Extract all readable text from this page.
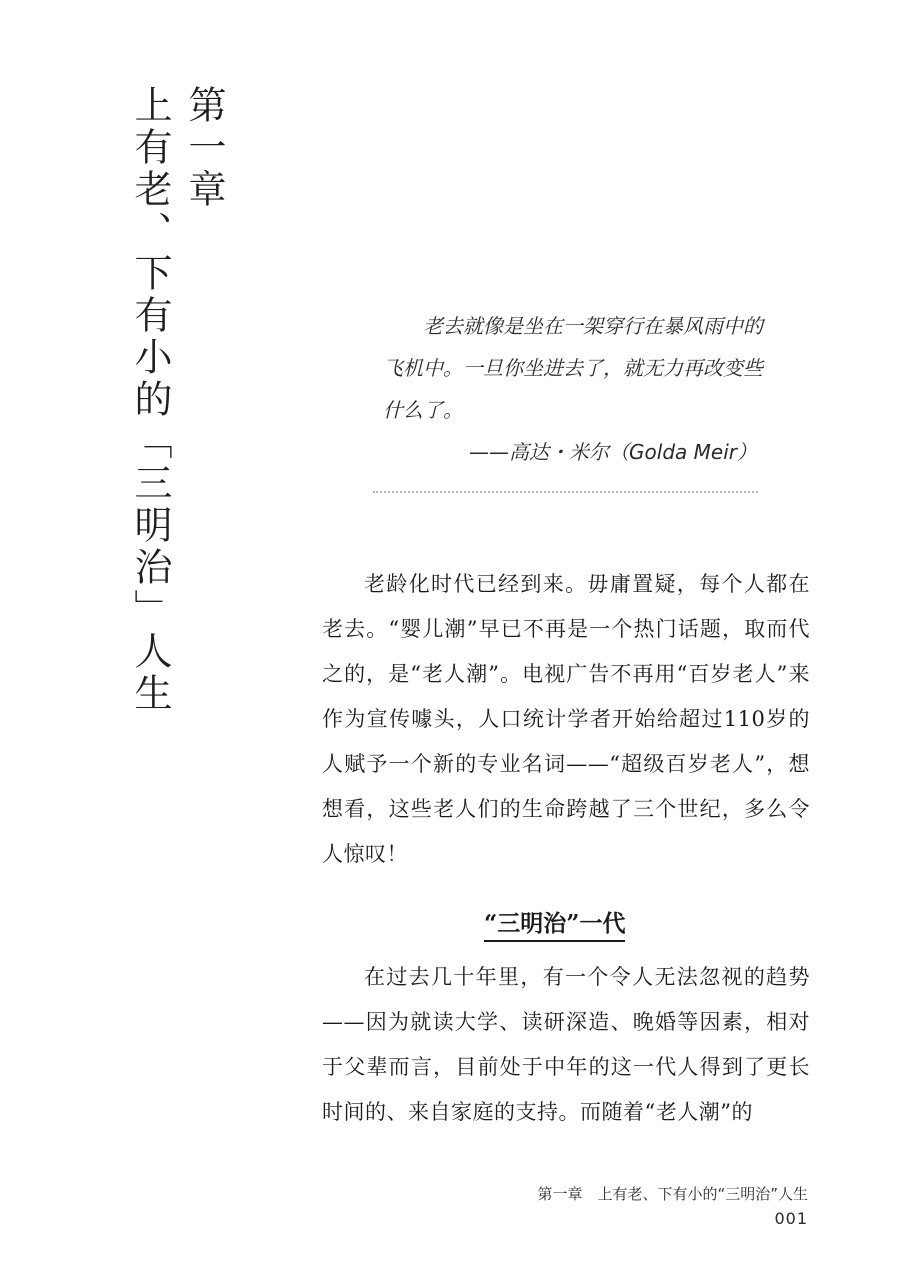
第一章
上有老、下有小的「三明治」人生	老去就像是坐在一架穿行在暴风雨中的飞机中。一旦你坐进去了，就无力再改变些什么了。

——高达・米尔（Golda Meir）

老龄化时代已经到来。毋庸置疑，每个人都在老去。“婴儿潮”早已不再是一个热门话题，取而代之的，是“老人潮”。电视广告不再用“百岁老人”来作为宣传噱头，人口统计学者开始给超过110岁的人赋予一个新的专业名词——“超级百岁老人”，想想看，这些老人们的生命跨越了三个世纪，多么令人惊叹！

“三明治”一代

在过去几十年里，有一个令人无法忽视的趋势——因为就读大学、读研深造、晚婚等因素，相对于父辈而言，目前处于中年的这一代人得到了更长时间的、来自家庭的支持。而随着“老人潮”的

第一章　上有老、下有小的“三明治”人生
001
